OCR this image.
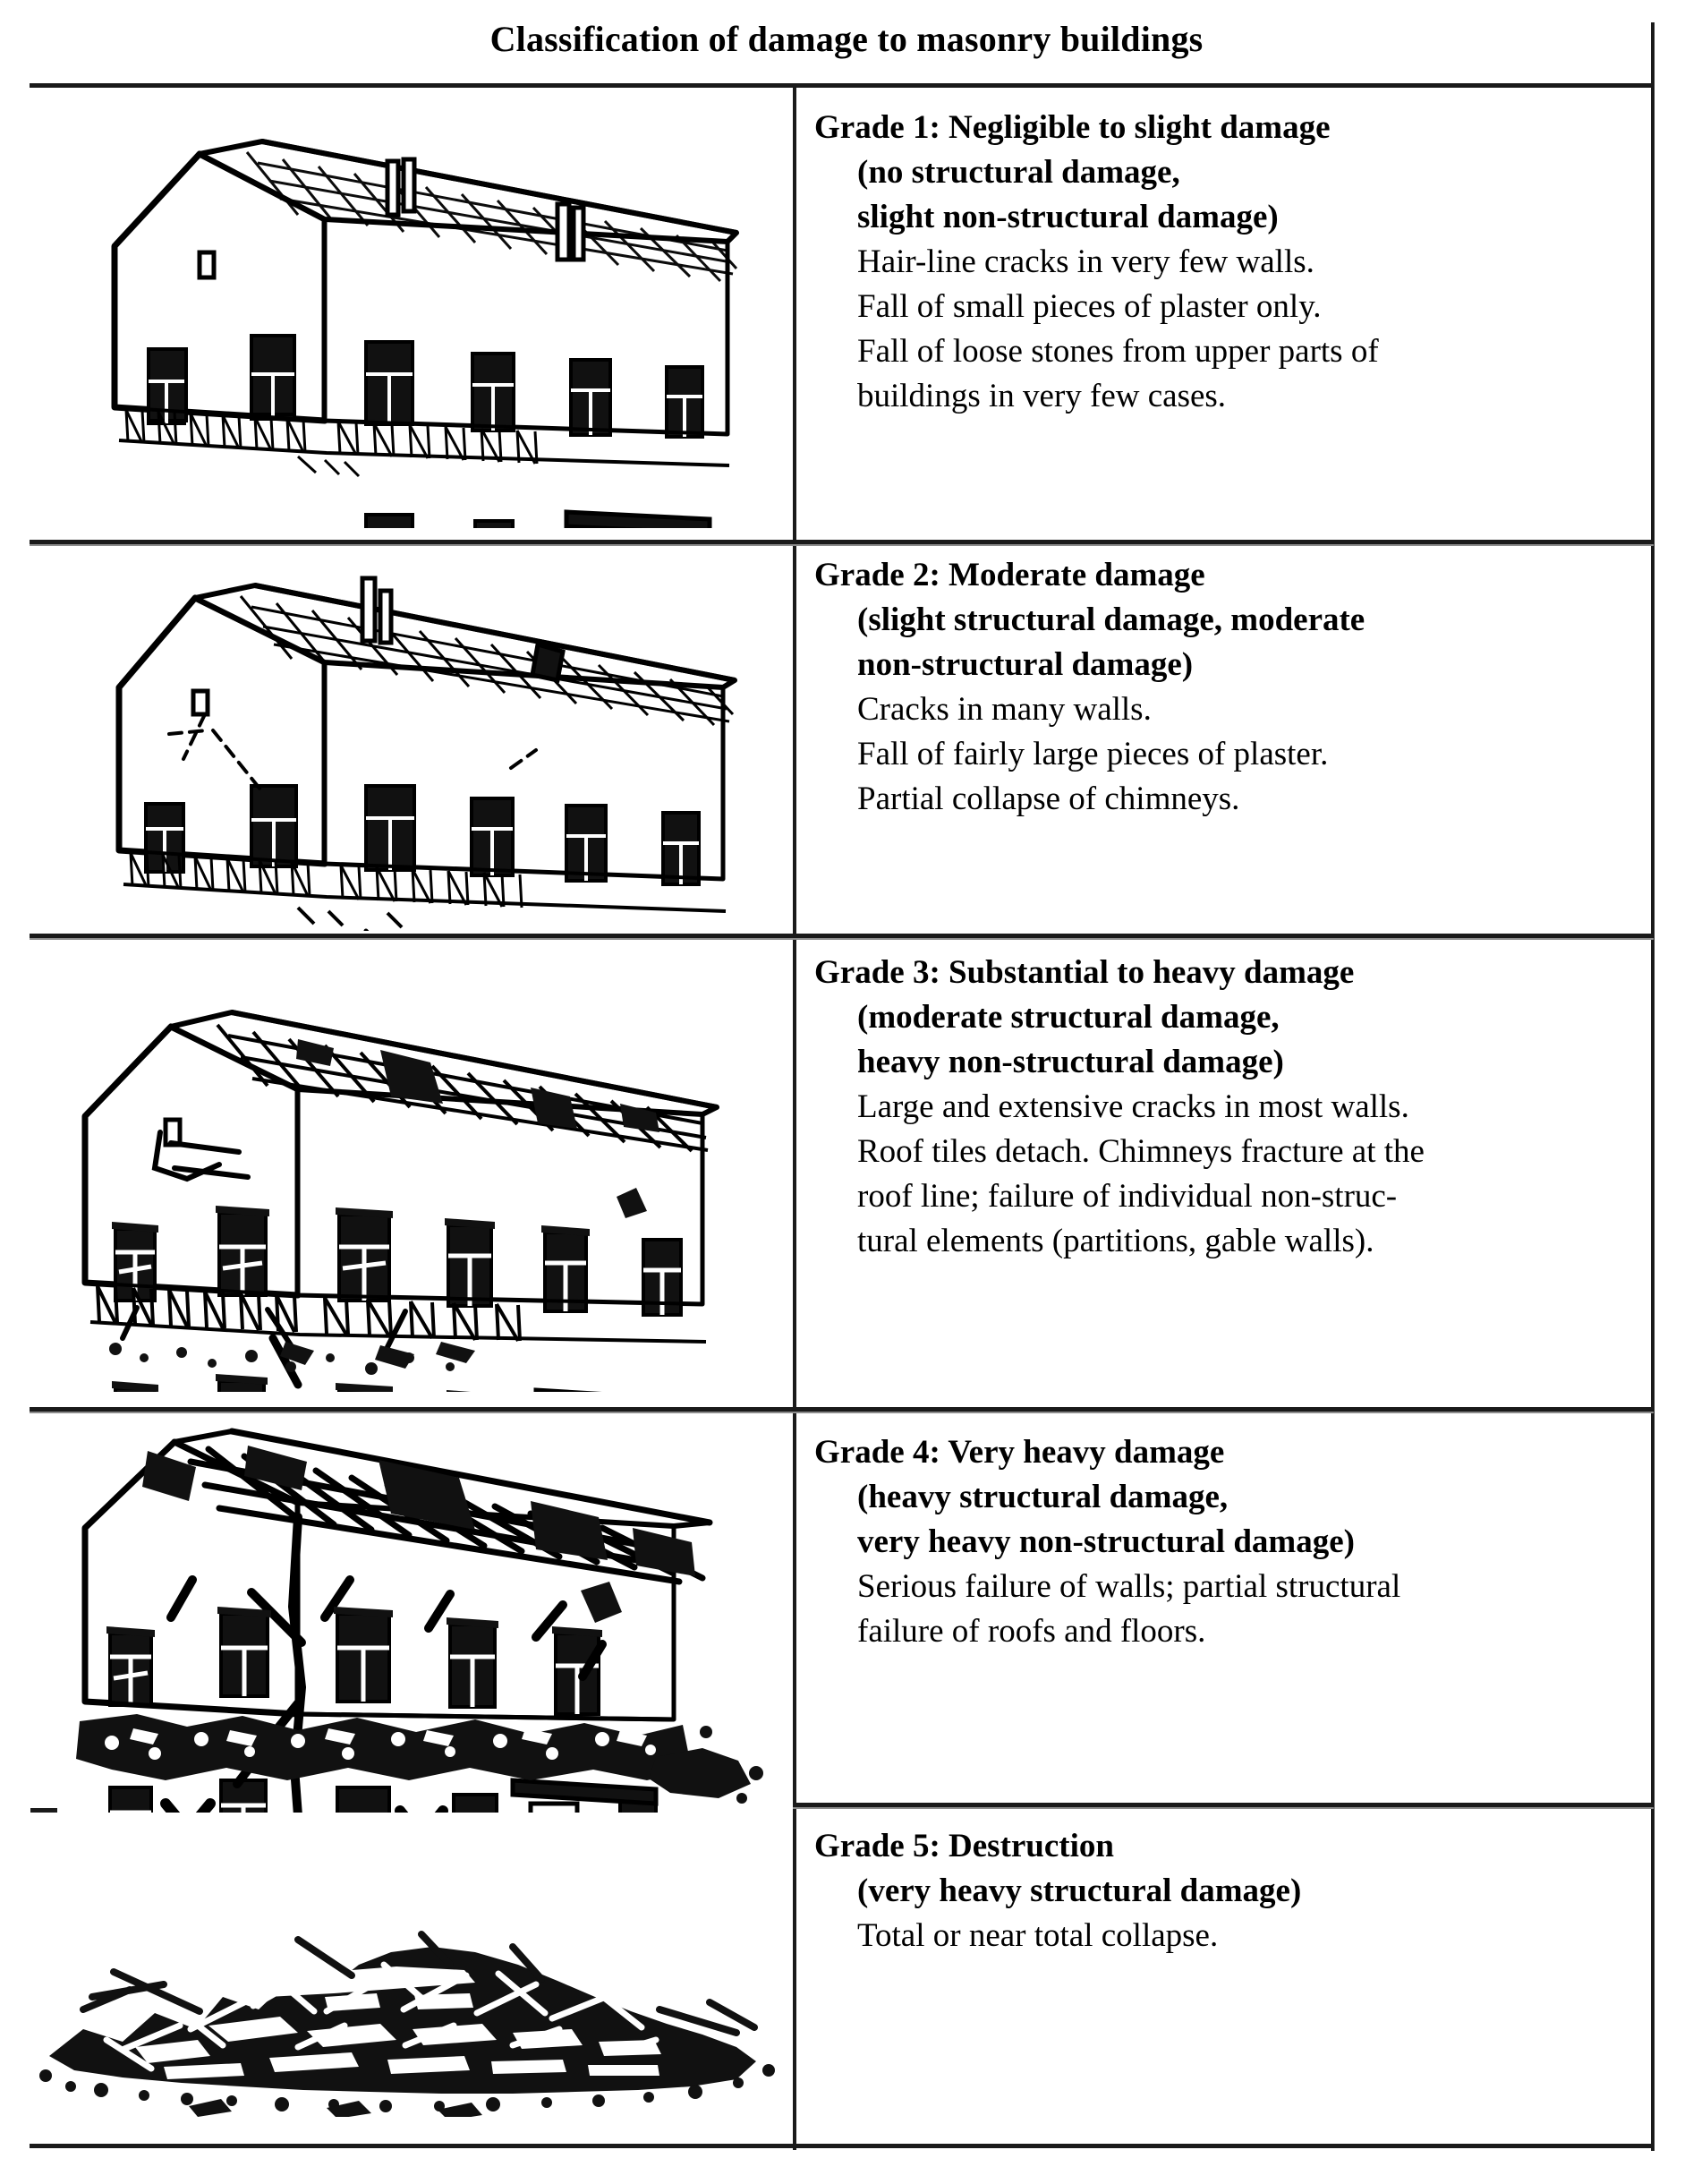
Classification of damage to masonry buildings
Grade 1: Negligible to slight damage
(no structural damage,
slight non-structural damage)
Hair-line cracks in very few walls.
Fall of small pieces of plaster only.
Fall of loose stones from upper parts of
buildings in very few cases.
Grade 2: Moderate damage
(slight structural damage, moderate
non-structural damage)
Cracks in many walls.
Fall of fairly large pieces of plaster.
Partial collapse of chimneys.
Grade 3: Substantial to heavy damage
(moderate structural damage,
heavy non-structural damage)
Large and extensive cracks in most walls.
Roof tiles detach. Chimneys fracture at the
roof line; failure of individual non-struc-
tural elements (partitions, gable walls).
Grade 4: Very heavy damage
(heavy structural damage,
very heavy non-structural damage)
Serious failure of walls; partial structural
failure of roofs and floors.
Grade 5: Destruction
(very heavy structural damage)
Total or near total collapse.
